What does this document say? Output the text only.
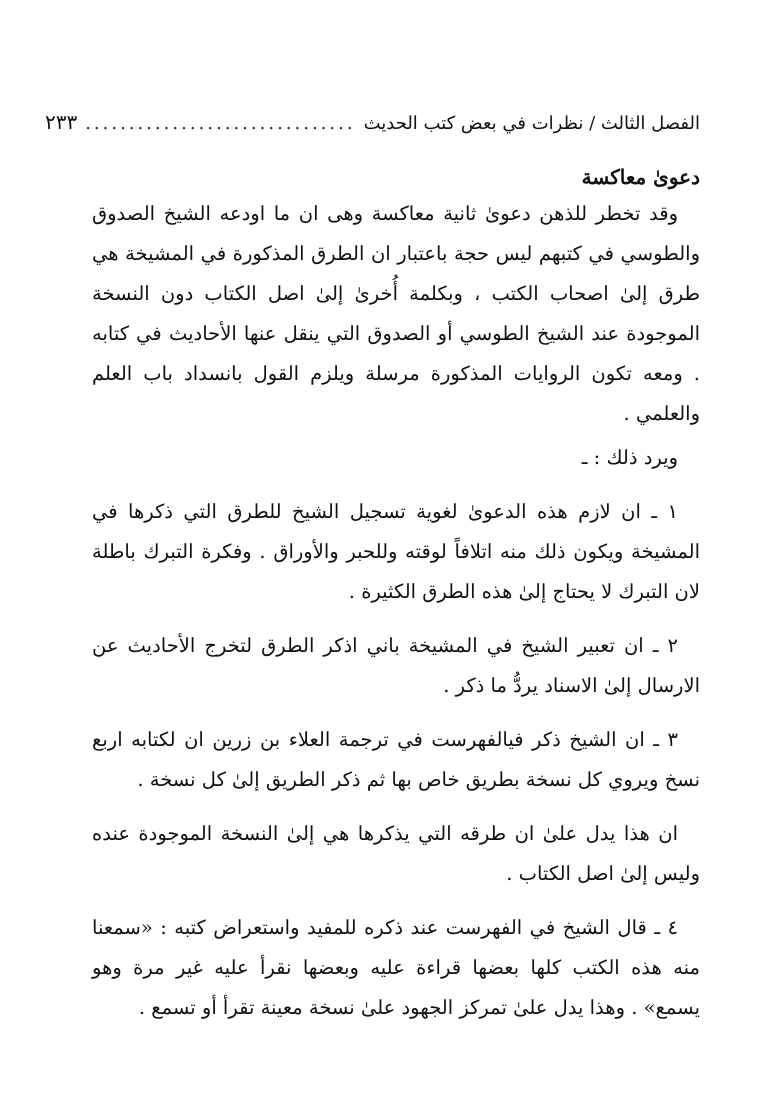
الفصل الثالث / نظرات في بعض كتب الحديث
...............................
٢٣٣
دعوىٰ معاكسة

وقد تخطر للذهن دعوىٰ ثانية معاكسة وهى ان ما اودعه الشيخ الصدوق والطوسي في كتبهم ليس حجة باعتبار ان الطرق المذكورة في المشيخة هي طرق إلىٰ اصحاب الكتب ، وبكلمة أُخرىٰ إلىٰ اصل الكتاب دون النسخة الموجودة عند الشيخ الطوسي أو الصدوق التي ينقل عنها الأحاديث في كتابه . ومعه تكون الروايات المذكورة مرسلة ويلزم القول بانسداد باب العلم والعلمي .

ويرد ذلك : ـ

١ ـ ان لازم هذه الدعوىٰ لغوية تسجيل الشيخ للطرق التي ذكرها في المشيخة ويكون ذلك منه اتلافاً لوقته وللحبر والأوراق . وفكرة التبرك باطلة لان التبرك لا يحتاج إلىٰ هذه الطرق الكثيرة .

٢ ـ ان تعبير الشيخ في المشيخة باني اذكر الطرق لتخرج الأحاديث عن الارسال إلىٰ الاسناد يردُّ ما ذكر .

٣ ـ ان الشيخ ذكر فيالفهرست في ترجمة العلاء بن زرين ان لكتابه اربع نسخ ويروي كل نسخة بطريق خاص بها ثم ذكر الطريق إلىٰ كل نسخة .

ان هذا يدل علىٰ ان طرقه التي يذكرها هي إلىٰ النسخة الموجودة عنده وليس إلىٰ اصل الكتاب .

٤ ـ قال الشيخ في الفهرست عند ذكره للمفيد واستعراض كتبه : «سمعنا منه هذه الكتب كلها بعضها قراءة عليه وبعضها نقرأ عليه غير مرة وهو يسمع» . وهذا يدل علىٰ تمركز الجهود علىٰ نسخة معينة تقرأ أو تسمع .
